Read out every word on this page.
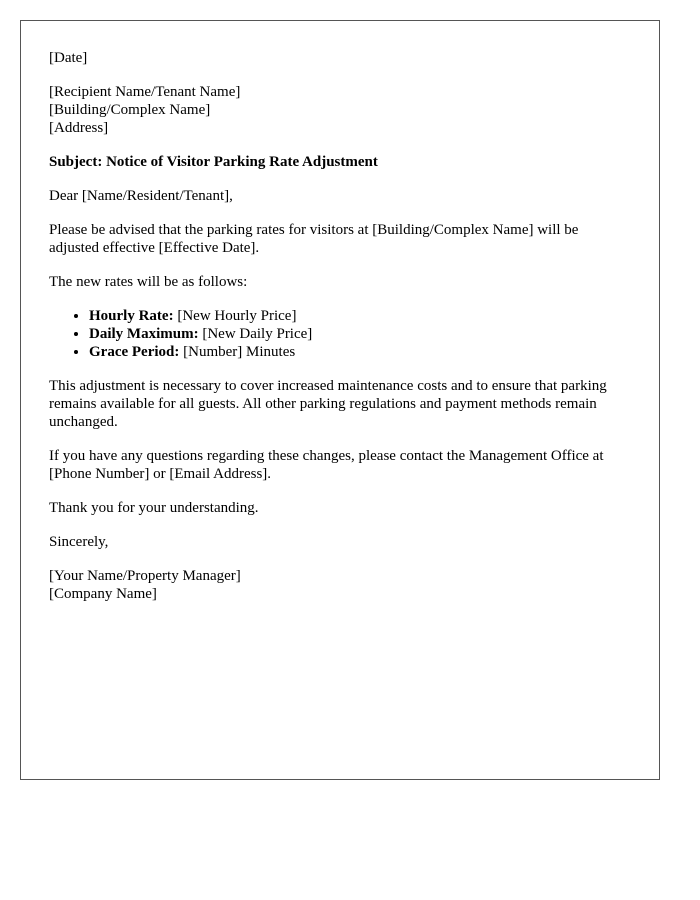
[Date]
[Recipient Name/Tenant Name]
[Building/Complex Name]
[Address]
Subject: Notice of Visitor Parking Rate Adjustment

Dear [Name/Resident/Tenant],

Please be advised that the parking rates for visitors at [Building/Complex Name] will be adjusted effective [Effective Date].

The new rates will be as follows:

• Hourly Rate: [New Hourly Price]
• Daily Maximum: [New Daily Price]
• Grace Period: [Number] Minutes

This adjustment is necessary to cover increased maintenance costs and to ensure that parking remains available for all guests. All other parking regulations and payment methods remain unchanged.

If you have any questions regarding these changes, please contact the Management Office at [Phone Number] or [Email Address].

Thank you for your understanding.

Sincerely,

[Your Name/Property Manager]
[Company Name]
